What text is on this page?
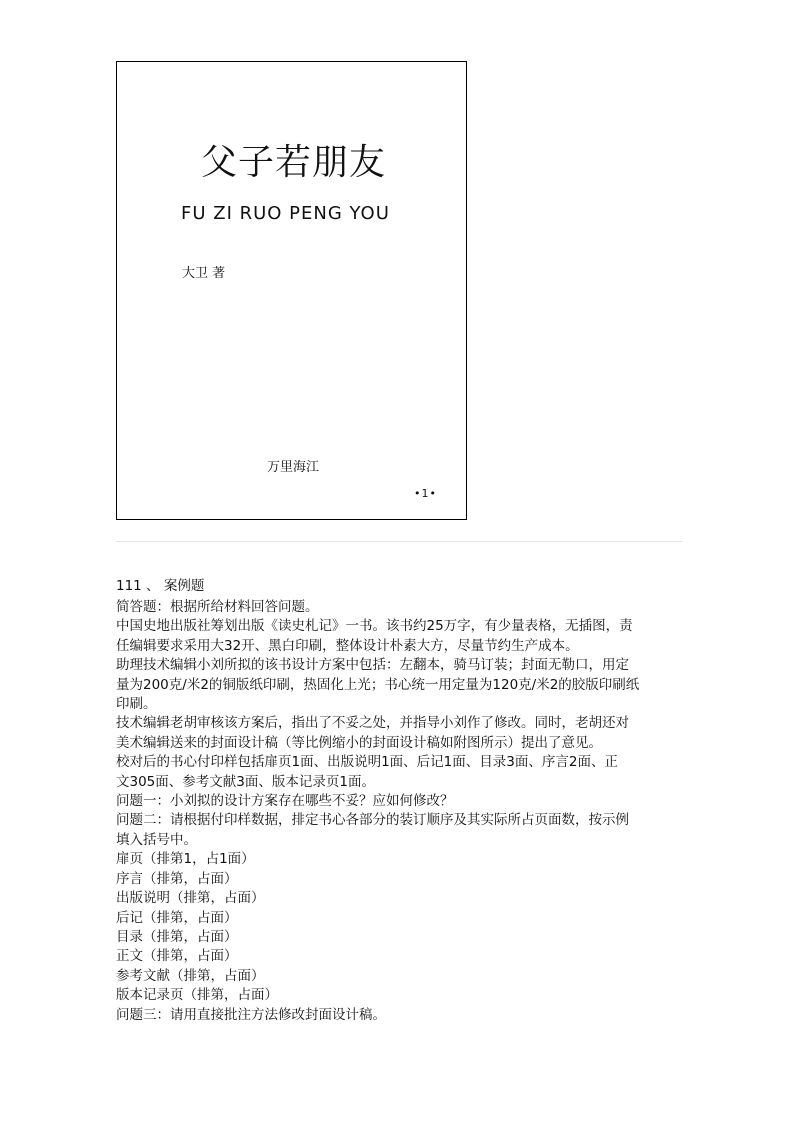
父子若朋友
FU ZI RUO PENG YOU
大卫 著
万里海江
•1•
111 、 案例题
简答题：根据所给材料回答问题。
中国史地出版社筹划出版《读史札记》一书。该书约25万字，有少量表格，无插图，责
任编辑要求采用大32开、黑白印刷，整体设计朴素大方，尽量节约生产成本。
助理技术编辑小刘所拟的该书设计方案中包括：左翻本，骑马订装；封面无勒口，用定
量为200克/米2的铜版纸印刷，热固化上光；书心统一用定量为120克/米2的胶版印刷纸
印刷。
技术编辑老胡审核该方案后，指出了不妥之处，并指导小刘作了修改。同时，老胡还对
美术编辑送来的封面设计稿（等比例缩小的封面设计稿如附图所示）提出了意见。
校对后的书心付印样包括扉页1面、出版说明1面、后记1面、目录3面、序言2面、正
文305面、参考文献3面、版本记录页1面。
问题一：小刘拟的设计方案存在哪些不妥？应如何修改？
问题二：请根据付印样数据，排定书心各部分的装订顺序及其实际所占页面数，按示例
填入括号中。
扉页（排第1，占1面）
序言（排第，占面）
出版说明（排第，占面）
后记（排第，占面）
目录（排第，占面）
正文（排第，占面）
参考文献（排第，占面）
版本记录页（排第，占面）
问题三：请用直接批注方法修改封面设计稿。
